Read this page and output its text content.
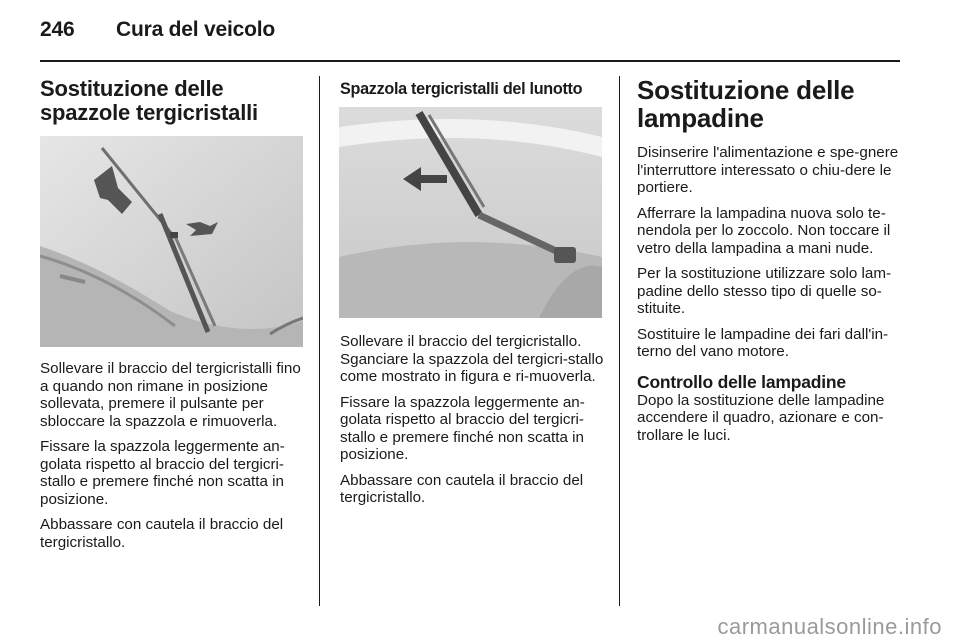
246 Cura del veicolo
Sostituzione delle spazzole tergicristalli

Sollevare il braccio del tergicristalli fino a quando non rimane in posizione sollevata, premere il pulsante per sbloccare la spazzola e rimuoverla.

Fissare la spazzola leggermente an-golata rispetto al braccio del tergicri-stallo e premere finché non scatta in posizione.

Abbassare con cautela il braccio del tergicristallo.

Spazzola tergicristalli del lunotto

Sollevare il braccio del tergicristallo. Sganciare la spazzola del tergicri-stallo come mostrato in figura e ri-muoverla.

Fissare la spazzola leggermente an-golata rispetto al braccio del tergicri-stallo e premere finché non scatta in posizione.

Abbassare con cautela il braccio del tergicristallo.

Sostituzione delle lampadine

Disinserire l'alimentazione e spe-gnere l'interruttore interessato o chiu-dere le portiere.

Afferrare la lampadina nuova solo te-nendola per lo zoccolo. Non toccare il vetro della lampadina a mani nude.

Per la sostituzione utilizzare solo lam-padine dello stesso tipo di quelle so-stituite.

Sostituire le lampadine dei fari dall'in-terno del vano motore.

Controllo delle lampadine

Dopo la sostituzione delle lampadine accendere il quadro, azionare e con-trollare le luci.

carmanualsonline.info
